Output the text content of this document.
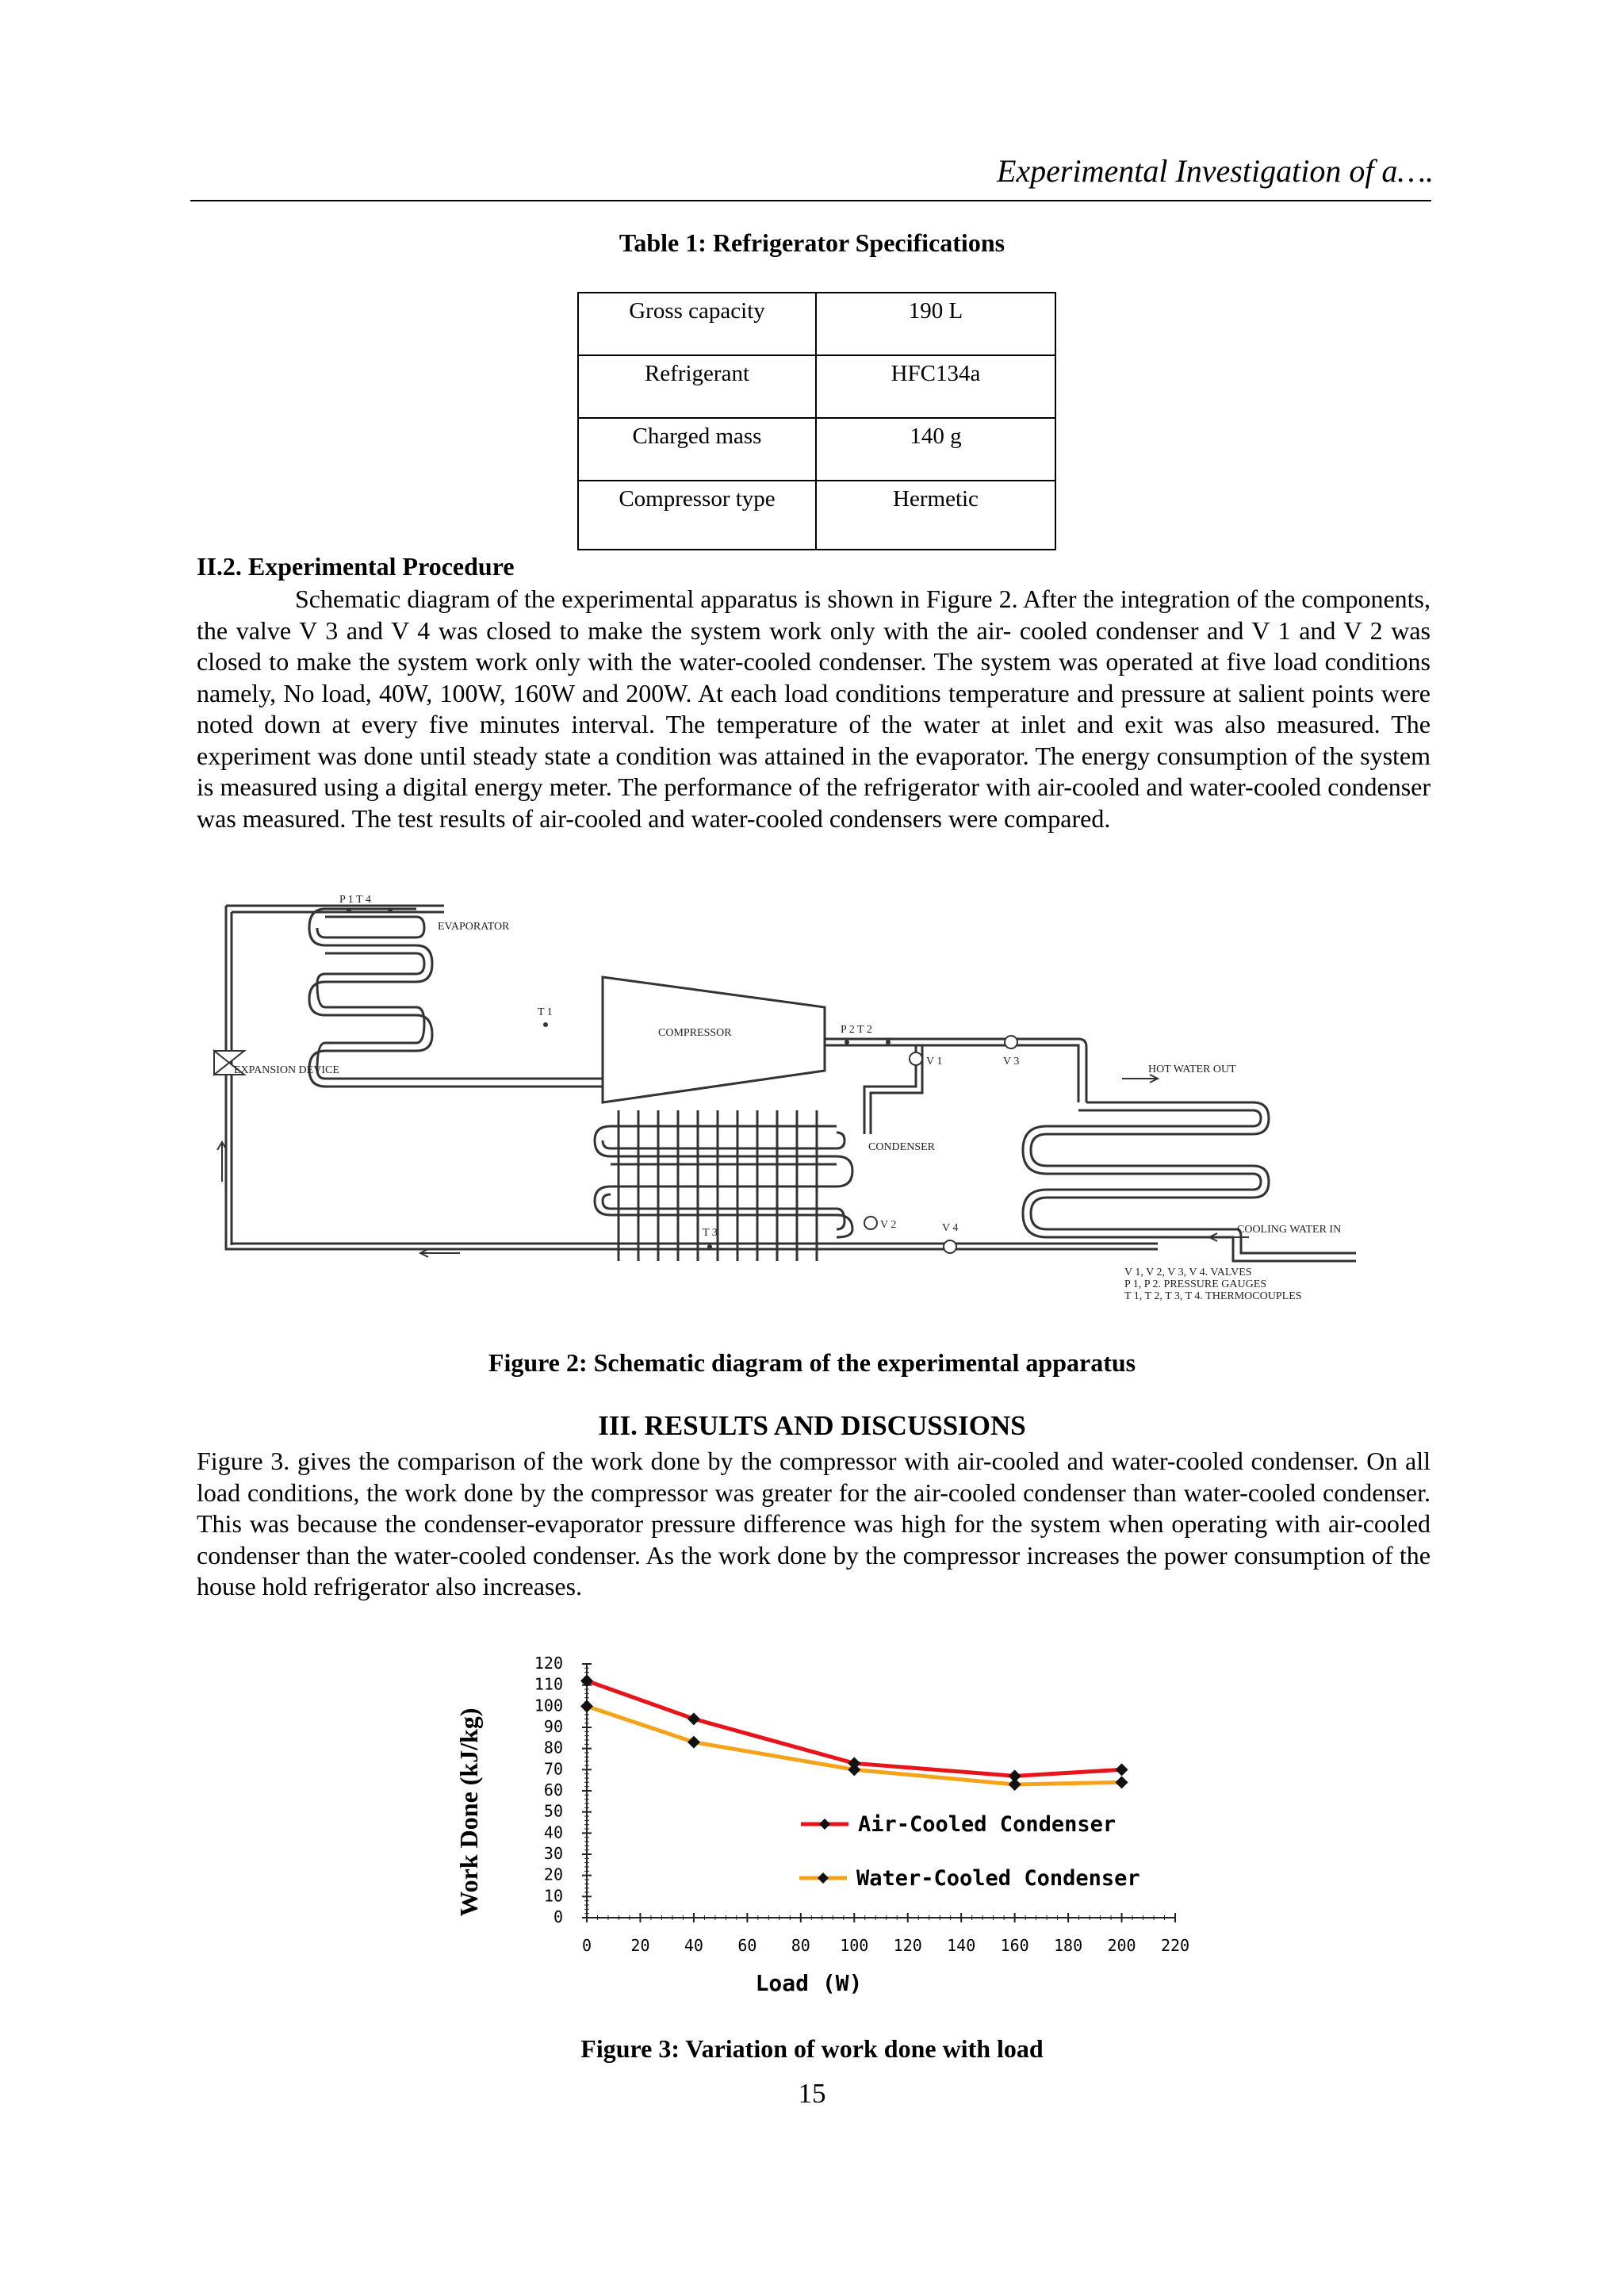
Experimental Investigation of a….
Table 1: Refrigerator Specifications
Gross capacity	190 L
Refrigerant	HFC134a
Charged mass	140 g
Compressor type	Hermetic
II.2. Experimental Procedure
Schematic diagram of the experimental apparatus is shown in Figure 2. After the integration of the components, the valve V 3 and V 4 was closed to make the system work only with the air- cooled condenser and V 1 and V 2 was closed to make the system work only with the water-cooled condenser. The system was operated at five load conditions namely, No load, 40W, 100W, 160W and 200W. At each load conditions temperature and pressure at salient points were noted down at every five minutes interval. The temperature of the water at inlet and exit was also measured. The experiment was done until steady state a condition was attained in the evaporator. The energy consumption of the system is measured using a digital energy meter. The performance of the refrigerator with air-cooled and water-cooled condenser was measured. The test results of air-cooled and water-cooled condensers were compared.
P 1 T 4
EVAPORATOR
T 1
COMPRESSOR	P 2 T 2
V 1	V 3
EXPANSION DEVICE	HOT WATER OUT
CONDENSER
V 2	V 4
T 3	COOLING WATER IN
V 1, V 2, V 3, V 4. VALVES
P 1, P 2. PRESSURE GAUGES
T 1, T 2, T 3, T 4. THERMOCOUPLES
Figure 2: Schematic diagram of the experimental apparatus
III. RESULTS AND DISCUSSIONS
Figure 3. gives the comparison of the work done by the compressor with air-cooled and water-cooled condenser. On all load conditions, the work done by the compressor was greater for the air-cooled condenser than water-cooled condenser. This was because the condenser-evaporator pressure difference was high for the system when operating with air-cooled condenser than the water-cooled condenser. As the work done by the compressor increases the power consumption of the house hold refrigerator also increases.
0
10
20
30
40
50
60
70
80
90
100
110
120
0 20 40 60 80 100 120 140 160 180 200 220
Air-Cooled Condenser
Water-Cooled Condenser
Work Done (kJ/kg)
Load (W)
Figure 3: Variation of work done with load
15
